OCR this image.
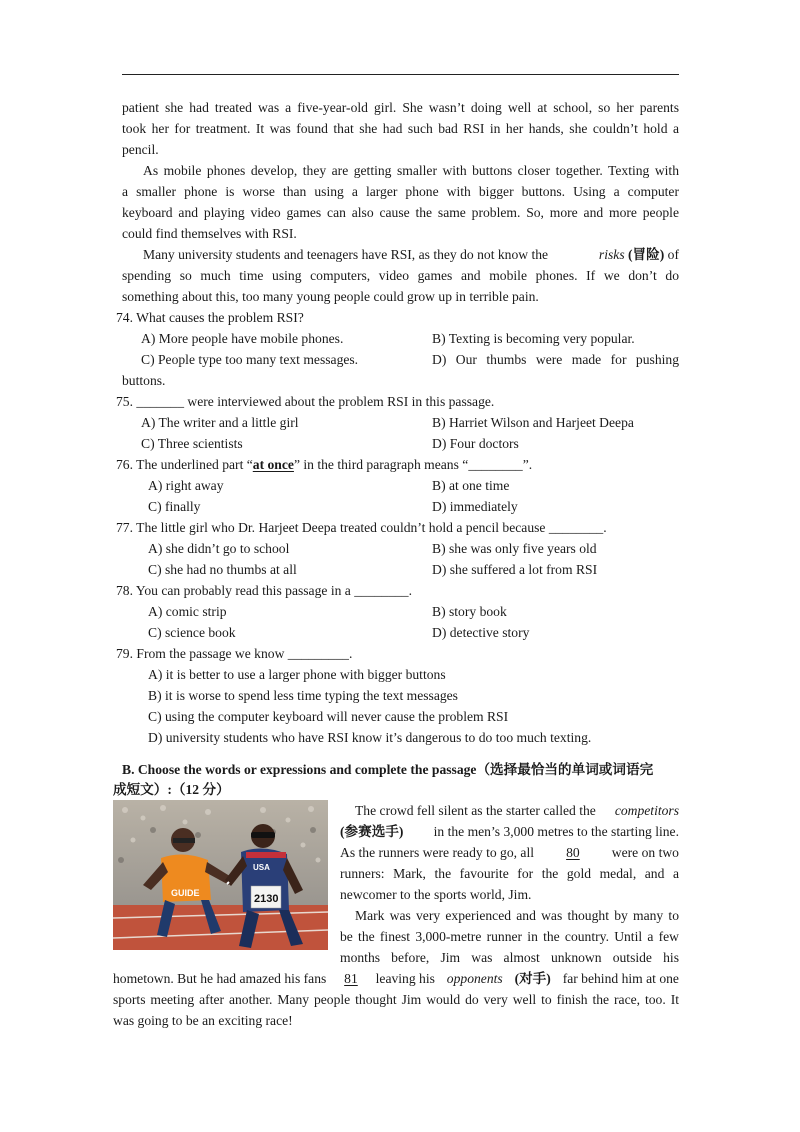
patient she had treated was a five-year-old girl. She wasn’t doing well at school, so her parents
took her for treatment. It was found that she had such bad RSI in her hands, she couldn’t hold a
pencil.
As mobile phones develop, they are getting smaller with buttons closer together. Texting with
a smaller phone is worse than using a larger phone with bigger buttons. Using a computer
keyboard and playing video games can also cause the same problem. So, more and more people
could find themselves with RSI.
Many university students and teenagers have RSI, as they do not know the	risks (冒险) of
spending so much time using computers, video games and mobile phones. If we don’t do
something about this, too many young people could grow up in terrible pain.
74. What causes the problem RSI?
A) More people have mobile phones.	B) Texting is becoming very popular.
C) People type too many text messages.	D) Our thumbs were made for pushing
buttons.
75. _______ were interviewed about the problem RSI in this passage.
A) The writer and a little girl	B) Harriet Wilson and Harjeet Deepa
C) Three scientists	D) Four doctors
76. The underlined part “at once” in the third paragraph means “________”.
A) right away	B) at one time
C) finally	D) immediately
77. The little girl who Dr. Harjeet Deepa treated couldn’t hold a pencil because ________.
A) she didn’t go to school	B) she was only five years old
C) she had no thumbs at all	D) she suffered a lot from RSI
78. You can probably read this passage in a ________.
A) comic strip	B) story book
C) science book	D) detective story
79. From the passage we know _________.
A) it is better to use a larger phone with bigger buttons
B) it is worse to spend less time typing the text messages
C) using the computer keyboard will never cause the problem RSI
D) university students who have RSI know it’s dangerous to do too much texting.
B. Choose the words or expressions and complete the passage（选择最恰当的单词或词语完
成短文）:（12 分）
GUIDE
USA
2130
The crowd fell silent as the starter called the competitors
(参赛选手) in the men’s 3,000 metres to the starting line.
As the runners were ready to go, all	80	were on two
runners: Mark, the favourite for the gold medal, and a
newcomer to the sports world, Jim.
Mark was very experienced and was thought by many to
be the finest 3,000-metre runner in the country. Until a few
months before, Jim was almost unknown outside his
hometown. But he had amazed his fans	81	leaving his opponents (对手) far behind him at one
sports meeting after another. Many people thought Jim would do very well to finish the race, too. It
was going to be an exciting race!
